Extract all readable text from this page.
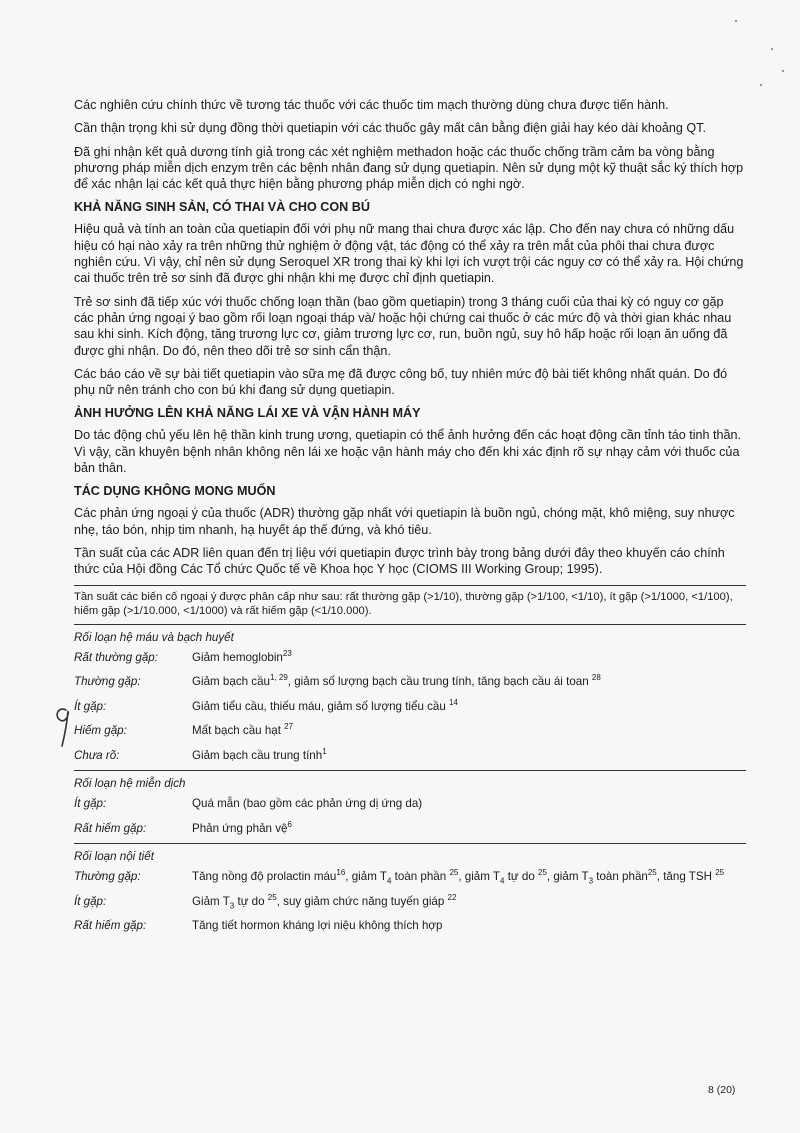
Các nghiên cứu chính thức về tương tác thuốc với các thuốc tim mạch thường dùng chưa được tiến hành.

Cần thận trọng khi sử dụng đồng thời quetiapin với các thuốc gây mất cân bằng điện giải hay kéo dài khoảng QT.

Đã ghi nhận kết quả dương tính giả trong các xét nghiệm methadon hoặc các thuốc chống trầm cảm ba vòng bằng phương pháp miễn dịch enzym trên các bệnh nhân đang sử dụng quetiapin. Nên sử dụng một kỹ thuật sắc ký thích hợp để xác nhận lại các kết quả thực hiện bằng phương pháp miễn dịch có nghi ngờ.

KHẢ NĂNG SINH SẢN, CÓ THAI VÀ CHO CON BÚ

Hiệu quả và tính an toàn của quetiapin đối với phụ nữ mang thai chưa được xác lập. Cho đến nay chưa có những dấu hiệu có hại nào xảy ra trên những thử nghiệm ở động vật, tác động có thể xảy ra trên mắt của phôi thai chưa được nghiên cứu. Vì vậy, chỉ nên sử dụng Seroquel XR trong thai kỳ khi lợi ích vượt trội các nguy cơ có thể xảy ra. Hội chứng cai thuốc trên trẻ sơ sinh đã được ghi nhận khi mẹ được chỉ định quetiapin.

Trẻ sơ sinh đã tiếp xúc với thuốc chống loạn thần (bao gồm quetiapin) trong 3 tháng cuối của thai kỳ có nguy cơ gặp các phản ứng ngoại ý bao gồm rối loạn ngoại tháp và/ hoặc hội chứng cai thuốc ở các mức độ và thời gian khác nhau sau khi sinh. Kích động, tăng trương lực cơ, giảm trương lực cơ, run, buồn ngủ, suy hô hấp hoặc rối loạn ăn uống đã được ghi nhận. Do đó, nên theo dõi trẻ sơ sinh cẩn thận.

Các báo cáo về sự bài tiết quetiapin vào sữa mẹ đã được công bố, tuy nhiên mức độ bài tiết không nhất quán. Do đó phụ nữ nên tránh cho con bú khi đang sử dụng quetiapin.

ẢNH HƯỞNG LÊN KHẢ NĂNG LÁI XE VÀ VẬN HÀNH MÁY

Do tác động chủ yếu lên hệ thần kinh trung ương, quetiapin có thể ảnh hưởng đến các hoạt động cần tỉnh táo tinh thần. Vì vậy, cần khuyên bệnh nhân không nên lái xe hoặc vận hành máy cho đến khi xác định rõ sự nhạy cảm với thuốc của bản thân.

TÁC DỤNG KHÔNG MONG MUỐN

Các phản ứng ngoại ý của thuốc (ADR) thường gặp nhất với quetiapin là buồn ngủ, chóng mặt, khô miệng, suy nhược nhẹ, táo bón, nhịp tim nhanh, hạ huyết áp thế đứng, và khó tiêu.

Tần suất của các ADR liên quan đến trị liệu với quetiapin được trình bày trong bảng dưới đây theo khuyến cáo chính thức của Hội đồng Các Tổ chức Quốc tế về Khoa học Y học (CIOMS III Working Group; 1995).

Tần suất các biến cố ngoại ý được phân cấp như sau: rất thường gặp (>1/10), thường gặp (>1/100, <1/10), ít gặp (>1/1000, <1/100), hiếm gặp (>1/10.000, <1/1000) và rất hiếm gặp (<1/10.000).
Rối loạn hệ máu và bạch huyết
Rất thường gặp:	Giảm hemoglobin$^{23}$
Thường gặp:	Giảm bạch cầu$^{1, 29}$, giảm số lượng bạch cầu trung tính, tăng bạch cầu ái toan $^{28}$
Ít gặp:	Giảm tiểu cầu, thiếu máu, giảm số lượng tiểu cầu $^{14}$
Hiếm gặp:	Mất bạch cầu hạt $^{27}$
Chưa rõ:	Giảm bạch cầu trung tính$^1$
Rối loạn hệ miễn dịch
Ít gặp:	Quá mẫn (bao gồm các phản ứng dị ứng da)
Rất hiếm gặp:	Phản ứng phản vệ$^6$
Rối loạn nội tiết
Thường gặp:	Tăng nồng độ prolactin máu$^{16}$, giảm $T_4$ toàn phần $^{25}$, giảm $T_4$ tự do $^{25}$, giảm $T_3$ toàn phần$^{25}$, tăng TSH $^{25}$
Ít gặp:	Giảm $T_3$ tự do $^{25}$, suy giảm chức năng tuyến giáp $^{22}$
Rất hiếm gặp:	Tăng tiết hormon kháng lợi niệu không thích hợp
8 (20)
